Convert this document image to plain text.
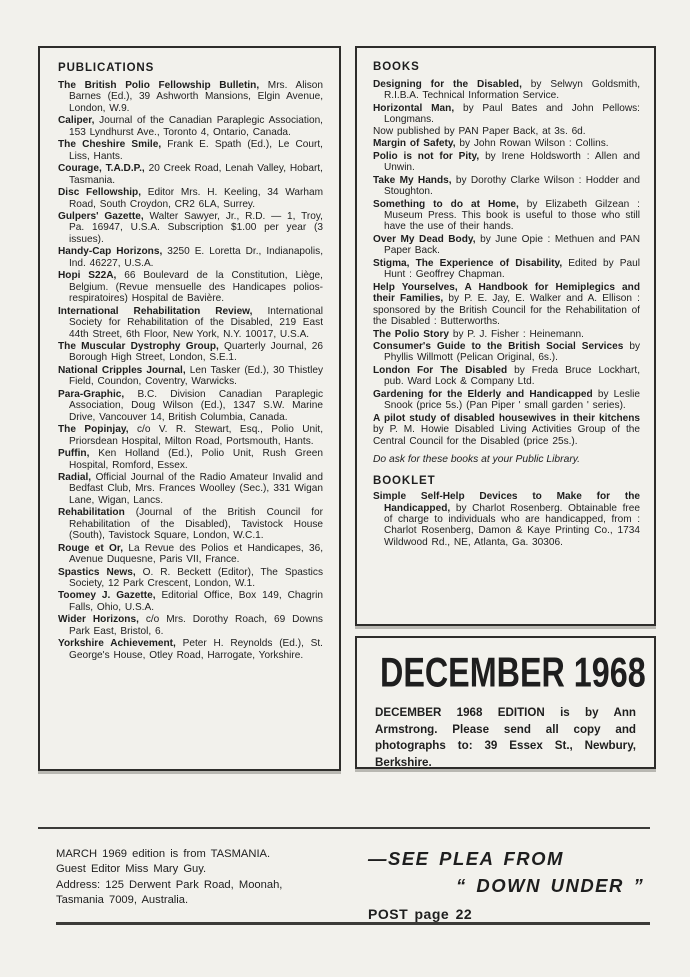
PUBLICATIONS

The British Polio Fellowship Bulletin, Mrs. Alison Barnes (Ed.), 39 Ashworth Mansions, Elgin Avenue, London, W.9.

Caliper, Journal of the Canadian Paraplegic Association, 153 Lyndhurst Ave., Toronto 4, Ontario, Canada.

The Cheshire Smile, Frank E. Spath (Ed.), Le Court, Liss, Hants.

Courage, T.A.D.P., 20 Creek Road, Lenah Valley, Hobart, Tasmania.

Disc Fellowship, Editor Mrs. H. Keeling, 34 Warham Road, South Croydon, CR2 6LA, Surrey.

Gulpers' Gazette, Walter Sawyer, Jr., R.D. — 1, Troy, Pa. 16947, U.S.A. Subscription $1.00 per year (3 issues).

Handy-Cap Horizons, 3250 E. Loretta Dr., Indianapolis, Ind. 46227, U.S.A.

Hopi S22A, 66 Boulevard de la Constitution, Liège, Belgium. (Revue mensuelle des Handicapes polios-respiratoires) Hospital de Bavière.

International Rehabilitation Review, International Society for Rehabilitation of the Disabled, 219 East 44th Street, 6th Floor, New York, N.Y. 10017, U.S.A.

The Muscular Dystrophy Group, Quarterly Journal, 26 Borough High Street, London, S.E.1.

National Cripples Journal, Len Tasker (Ed.), 30 Thistley Field, Coundon, Coventry, Warwicks.

Para-Graphic, B.C. Division Canadian Paraplegic Association, Doug Wilson (Ed.), 1347 S.W. Marine Drive, Vancouver 14, British Columbia, Canada.

The Popinjay, c/o V. R. Stewart, Esq., Polio Unit, Priorsdean Hospital, Milton Road, Portsmouth, Hants.

Puffin, Ken Holland (Ed.), Polio Unit, Rush Green Hospital, Romford, Essex.

Radial, Official Journal of the Radio Amateur Invalid and Bedfast Club, Mrs. Frances Woolley (Sec.), 331 Wigan Lane, Wigan, Lancs.

Rehabilitation (Journal of the British Council for Rehabilitation of the Disabled), Tavistock House (South), Tavistock Square, London, W.C.1.

Rouge et Or, La Revue des Polios et Handicapes, 36, Avenue Duquesne, Paris VII, France.

Spastics News, O. R. Beckett (Editor), The Spastics Society, 12 Park Crescent, London, W.1.

Toomey J. Gazette, Editorial Office, Box 149, Chagrin Falls, Ohio, U.S.A.

Wider Horizons, c/o Mrs. Dorothy Roach, 69 Downs Park East, Bristol, 6.

Yorkshire Achievement, Peter H. Reynolds (Ed.), St. George's House, Otley Road, Harrogate, Yorkshire.

BOOKS

Designing for the Disabled, by Selwyn Goldsmith, R.I.B.A. Technical Information Service.

Horizontal Man, by Paul Bates and John Pellows: Longmans.
Now published by PAN Paper Back, at 3s. 6d.

Margin of Safety, by John Rowan Wilson : Collins.

Polio is not for Pity, by Irene Holdsworth : Allen and Unwin.

Take My Hands, by Dorothy Clarke Wilson : Hodder and Stoughton.

Something to do at Home, by Elizabeth Gilzean : Museum Press. This book is useful to those who still have the use of their hands.

Over My Dead Body, by June Opie : Methuen and PAN Paper Back.

Stigma, The Experience of Disability, Edited by Paul Hunt : Geoffrey Chapman.

Help Yourselves, A Handbook for Hemiplegics and their Families, by P. E. Jay, E. Walker and A. Ellison : sponsored by the British Council for the Rehabilitation of the Disabled : Butterworths.

The Polio Story by P. J. Fisher : Heinemann.

Consumer's Guide to the British Social Services by Phyllis Willmott (Pelican Original, 6s.).

London For The Disabled by Freda Bruce Lockhart, pub. Ward Lock & Company Ltd.

Gardening for the Elderly and Handicapped by Leslie Snook (price 5s.) (Pan Piper ' small garden ' series).

A pilot study of disabled housewives in their kitchens by P. M. Howie Disabled Living Activities Group of the Central Council for the Disabled (price 25s.).

Do ask for these books at your Public Library.

BOOKLET

Simple Self-Help Devices to Make for the Handicapped, by Charlot Rosenberg. Obtainable free of charge to individuals who are handicapped, from : Charlot Rosenberg, Damon & Kaye Printing Co., 1734 Wildwood Rd., NE, Atlanta, Ga. 30306.

DECEMBER 1968

DECEMBER 1968 EDITION is by Ann Armstrong. Please send all copy and photographs to: 39 Essex St., Newbury, Berkshire.

MARCH 1969 edition is from TASMANIA.
Guest Editor Miss Mary Guy.
Address: 125 Derwent Park Road, Moonah,
Tasmania 7009, Australia.
—SEE PLEA FROM
“ DOWN UNDER ”
POST page 22
